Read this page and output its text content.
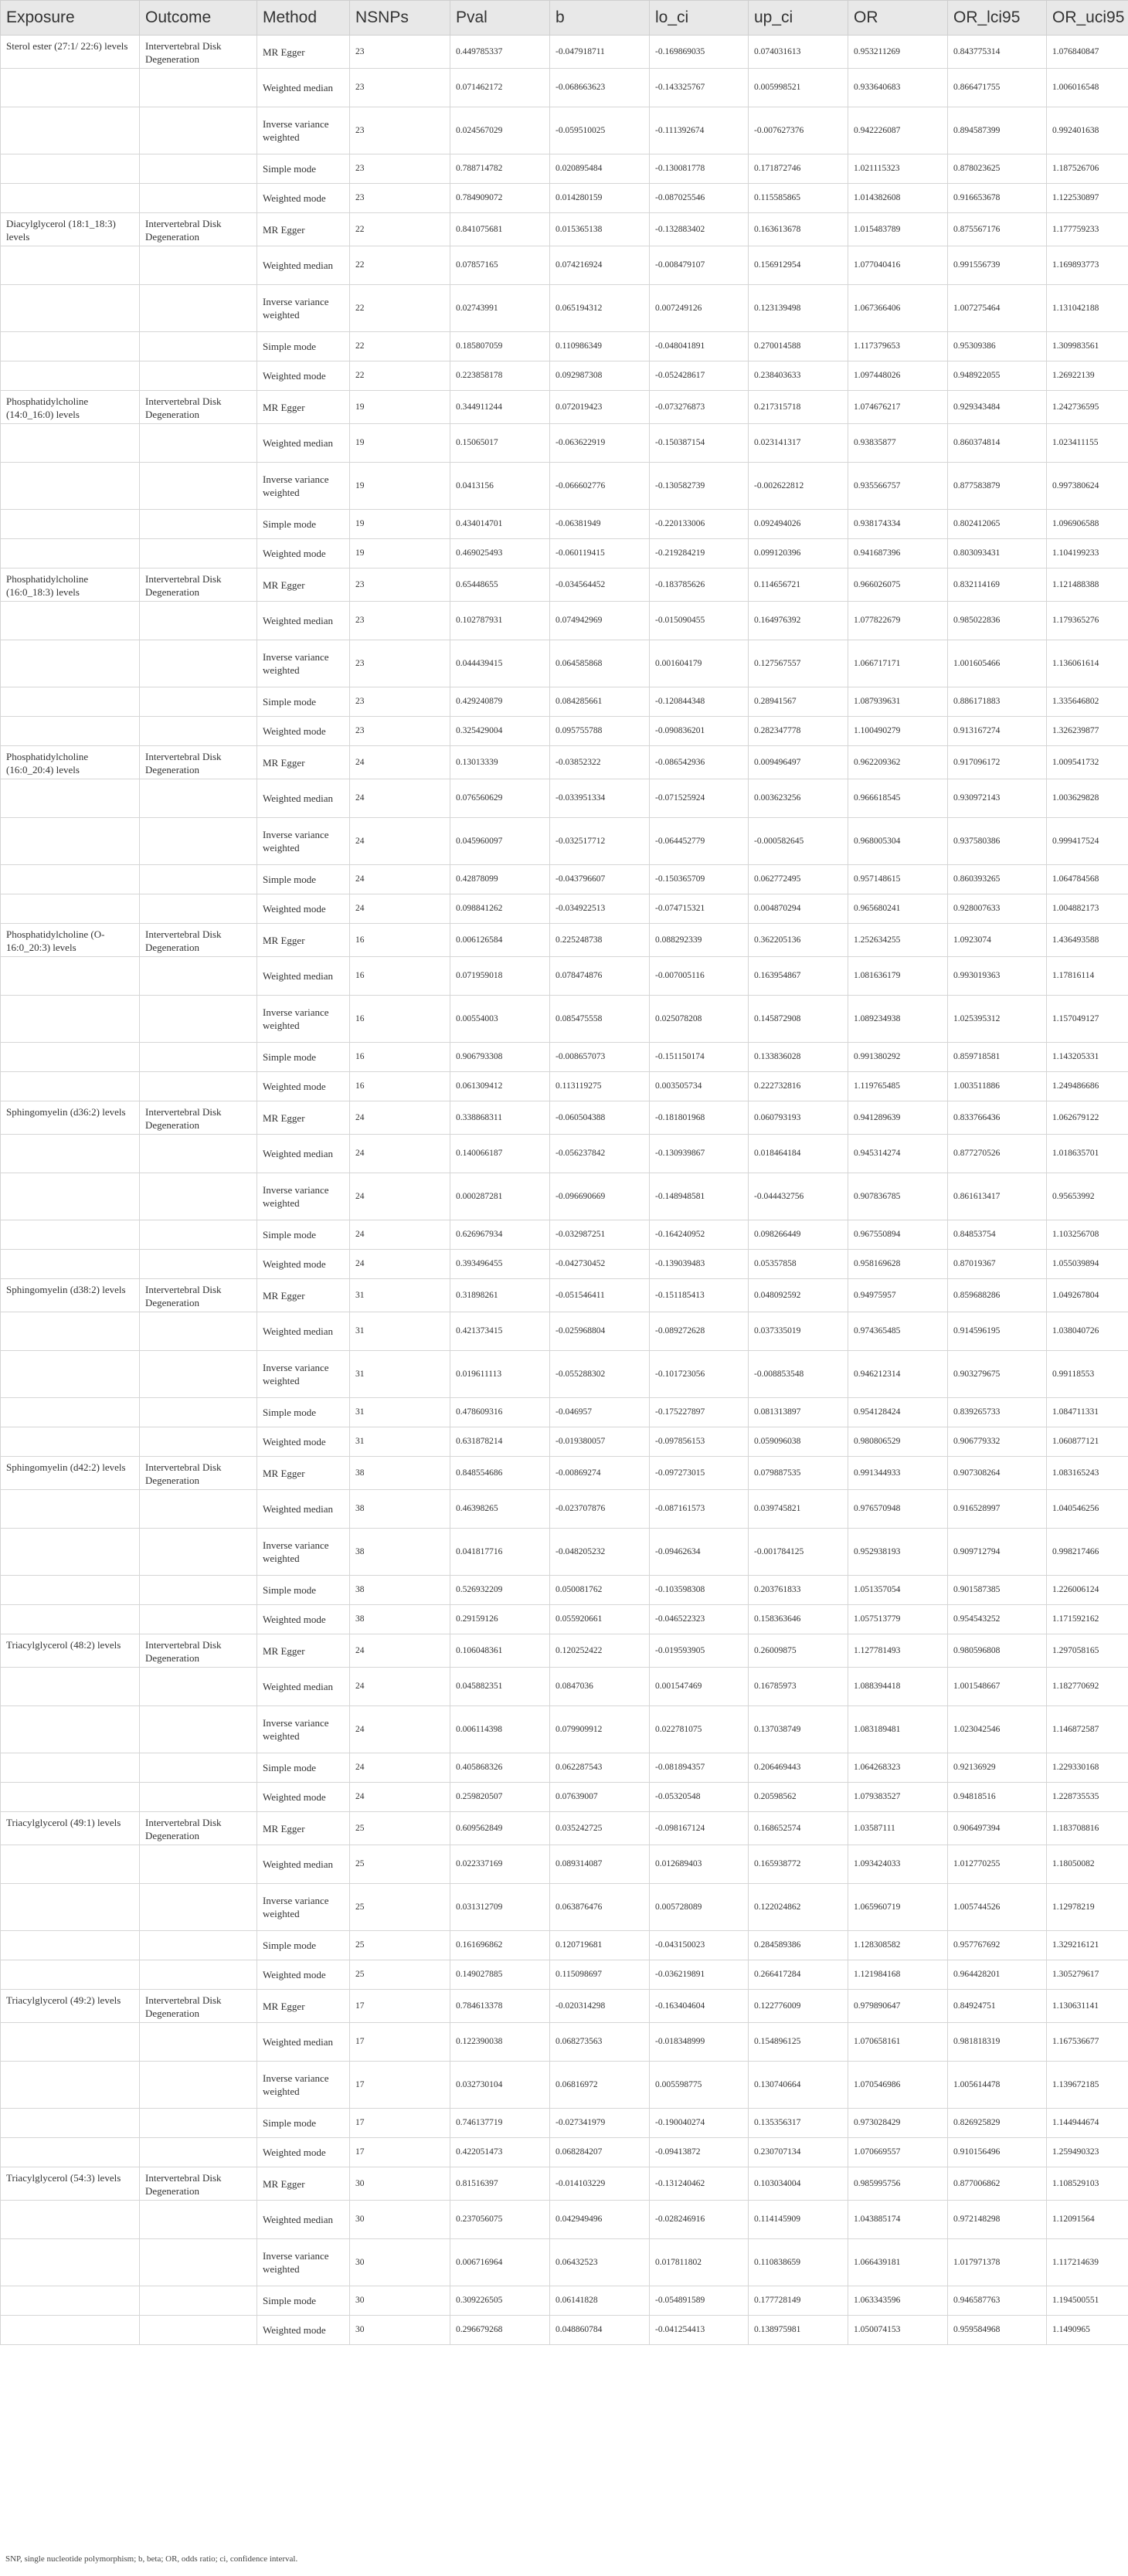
Exposure	Outcome	Method	NSNPs	Pval	b	lo_ci	up_ci	OR	OR_lci95	OR_uci95
Sterol ester (27:1/ 22:6) levels	Intervertebral Disk Degeneration	MR Egger	23	0.449785337	-0.047918711	-0.169869035	0.074031613	0.953211269	0.843775314	1.076840847
		Weighted median	23	0.071462172	-0.068663623	-0.143325767	0.005998521	0.933640683	0.866471755	1.006016548
		Inverse variance weighted	23	0.024567029	-0.059510025	-0.111392674	-0.007627376	0.942226087	0.894587399	0.992401638
		Simple mode	23	0.788714782	0.020895484	-0.130081778	0.171872746	1.021115323	0.878023625	1.187526706
		Weighted mode	23	0.784909072	0.014280159	-0.087025546	0.115585865	1.014382608	0.916653678	1.122530897
Diacylglycerol (18:1_18:3) levels	Intervertebral Disk Degeneration	MR Egger	22	0.841075681	0.015365138	-0.132883402	0.163613678	1.015483789	0.875567176	1.177759233
		Weighted median	22	0.07857165	0.074216924	-0.008479107	0.156912954	1.077040416	0.991556739	1.169893773
		Inverse variance weighted	22	0.02743991	0.065194312	0.007249126	0.123139498	1.067366406	1.007275464	1.131042188
		Simple mode	22	0.185807059	0.110986349	-0.048041891	0.270014588	1.117379653	0.95309386	1.309983561
		Weighted mode	22	0.223858178	0.092987308	-0.052428617	0.238403633	1.097448026	0.948922055	1.26922139
Phosphatidylcholine (14:0_16:0) levels	Intervertebral Disk Degeneration	MR Egger	19	0.344911244	0.072019423	-0.073276873	0.217315718	1.074676217	0.929343484	1.242736595
		Weighted median	19	0.15065017	-0.063622919	-0.150387154	0.023141317	0.93835877	0.860374814	1.023411155
		Inverse variance weighted	19	0.0413156	-0.066602776	-0.130582739	-0.002622812	0.935566757	0.877583879	0.997380624
		Simple mode	19	0.434014701	-0.06381949	-0.220133006	0.092494026	0.938174334	0.802412065	1.096906588
		Weighted mode	19	0.469025493	-0.060119415	-0.219284219	0.099120396	0.941687396	0.803093431	1.104199233
Phosphatidylcholine (16:0_18:3) levels	Intervertebral Disk Degeneration	MR Egger	23	0.65448655	-0.034564452	-0.183785626	0.114656721	0.966026075	0.832114169	1.121488388
		Weighted median	23	0.102787931	0.074942969	-0.015090455	0.164976392	1.077822679	0.985022836	1.179365276
		Inverse variance weighted	23	0.044439415	0.064585868	0.001604179	0.127567557	1.066717171	1.001605466	1.136061614
		Simple mode	23	0.429240879	0.084285661	-0.120844348	0.28941567	1.087939631	0.886171883	1.335646802
		Weighted mode	23	0.325429004	0.095755788	-0.090836201	0.282347778	1.100490279	0.913167274	1.326239877
Phosphatidylcholine (16:0_20:4) levels	Intervertebral Disk Degeneration	MR Egger	24	0.13013339	-0.03852322	-0.086542936	0.009496497	0.962209362	0.917096172	1.009541732
		Weighted median	24	0.076560629	-0.033951334	-0.071525924	0.003623256	0.966618545	0.930972143	1.003629828
		Inverse variance weighted	24	0.045960097	-0.032517712	-0.064452779	-0.000582645	0.968005304	0.937580386	0.999417524
		Simple mode	24	0.42878099	-0.043796607	-0.150365709	0.062772495	0.957148615	0.860393265	1.064784568
		Weighted mode	24	0.098841262	-0.034922513	-0.074715321	0.004870294	0.965680241	0.928007633	1.004882173
Phosphatidylcholine (O-16:0_20:3) levels	Intervertebral Disk Degeneration	MR Egger	16	0.006126584	0.225248738	0.088292339	0.362205136	1.252634255	1.0923074	1.436493588
		Weighted median	16	0.071959018	0.078474876	-0.007005116	0.163954867	1.081636179	0.993019363	1.17816114
		Inverse variance weighted	16	0.00554003	0.085475558	0.025078208	0.145872908	1.089234938	1.025395312	1.157049127
		Simple mode	16	0.906793308	-0.008657073	-0.151150174	0.133836028	0.991380292	0.859718581	1.143205331
		Weighted mode	16	0.061309412	0.113119275	0.003505734	0.222732816	1.119765485	1.003511886	1.249486686
Sphingomyelin (d36:2) levels	Intervertebral Disk Degeneration	MR Egger	24	0.338868311	-0.060504388	-0.181801968	0.060793193	0.941289639	0.833766436	1.062679122
		Weighted median	24	0.140066187	-0.056237842	-0.130939867	0.018464184	0.945314274	0.877270526	1.018635701
		Inverse variance weighted	24	0.000287281	-0.096690669	-0.148948581	-0.044432756	0.907836785	0.861613417	0.95653992
		Simple mode	24	0.626967934	-0.032987251	-0.164240952	0.098266449	0.967550894	0.84853754	1.103256708
		Weighted mode	24	0.393496455	-0.042730452	-0.139039483	0.05357858	0.958169628	0.87019367	1.055039894
Sphingomyelin (d38:2) levels	Intervertebral Disk Degeneration	MR Egger	31	0.31898261	-0.051546411	-0.151185413	0.048092592	0.94975957	0.859688286	1.049267804
		Weighted median	31	0.421373415	-0.025968804	-0.089272628	0.037335019	0.974365485	0.914596195	1.038040726
		Inverse variance weighted	31	0.019611113	-0.055288302	-0.101723056	-0.008853548	0.946212314	0.903279675	0.99118553
		Simple mode	31	0.478609316	-0.046957	-0.175227897	0.081313897	0.954128424	0.839265733	1.084711331
		Weighted mode	31	0.631878214	-0.019380057	-0.097856153	0.059096038	0.980806529	0.906779332	1.060877121
Sphingomyelin (d42:2) levels	Intervertebral Disk Degeneration	MR Egger	38	0.848554686	-0.00869274	-0.097273015	0.079887535	0.991344933	0.907308264	1.083165243
		Weighted median	38	0.46398265	-0.023707876	-0.087161573	0.039745821	0.976570948	0.916528997	1.040546256
		Inverse variance weighted	38	0.041817716	-0.048205232	-0.09462634	-0.001784125	0.952938193	0.909712794	0.998217466
		Simple mode	38	0.526932209	0.050081762	-0.103598308	0.203761833	1.051357054	0.901587385	1.226006124
		Weighted mode	38	0.29159126	0.055920661	-0.046522323	0.158363646	1.057513779	0.954543252	1.171592162
Triacylglycerol (48:2) levels	Intervertebral Disk Degeneration	MR Egger	24	0.106048361	0.120252422	-0.019593905	0.26009875	1.127781493	0.980596808	1.297058165
		Weighted median	24	0.045882351	0.0847036	0.001547469	0.16785973	1.088394418	1.001548667	1.182770692
		Inverse variance weighted	24	0.006114398	0.079909912	0.022781075	0.137038749	1.083189481	1.023042546	1.146872587
		Simple mode	24	0.405868326	0.062287543	-0.081894357	0.206469443	1.064268323	0.92136929	1.229330168
		Weighted mode	24	0.259820507	0.07639007	-0.05320548	0.20598562	1.079383527	0.94818516	1.228735535
Triacylglycerol (49:1) levels	Intervertebral Disk Degeneration	MR Egger	25	0.609562849	0.035242725	-0.098167124	0.168652574	1.03587111	0.906497394	1.183708816
		Weighted median	25	0.022337169	0.089314087	0.012689403	0.165938772	1.093424033	1.012770255	1.18050082
		Inverse variance weighted	25	0.031312709	0.063876476	0.005728089	0.122024862	1.065960719	1.005744526	1.12978219
		Simple mode	25	0.161696862	0.120719681	-0.043150023	0.284589386	1.128308582	0.957767692	1.329216121
		Weighted mode	25	0.149027885	0.115098697	-0.036219891	0.266417284	1.121984168	0.964428201	1.305279617
Triacylglycerol (49:2) levels	Intervertebral Disk Degeneration	MR Egger	17	0.784613378	-0.020314298	-0.163404604	0.122776009	0.979890647	0.84924751	1.130631141
		Weighted median	17	0.122390038	0.068273563	-0.018348999	0.154896125	1.070658161	0.981818319	1.167536677
		Inverse variance weighted	17	0.032730104	0.06816972	0.005598775	0.130740664	1.070546986	1.005614478	1.139672185
		Simple mode	17	0.746137719	-0.027341979	-0.190040274	0.135356317	0.973028429	0.826925829	1.144944674
		Weighted mode	17	0.422051473	0.068284207	-0.09413872	0.230707134	1.070669557	0.910156496	1.259490323
Triacylglycerol (54:3) levels	Intervertebral Disk Degeneration	MR Egger	30	0.81516397	-0.014103229	-0.131240462	0.103034004	0.985995756	0.877006862	1.108529103
		Weighted median	30	0.237056075	0.042949496	-0.028246916	0.114145909	1.043885174	0.972148298	1.12091564
		Inverse variance weighted	30	0.006716964	0.06432523	0.017811802	0.110838659	1.066439181	1.017971378	1.117214639
		Simple mode	30	0.309226505	0.06141828	-0.054891589	0.177728149	1.063343596	0.946587763	1.194500551
		Weighted mode	30	0.296679268	0.048860784	-0.041254413	0.138975981	1.050074153	0.959584968	1.1490965
SNP, single nucleotide polymorphism; b, beta; OR, odds ratio; ci, confidence interval.
